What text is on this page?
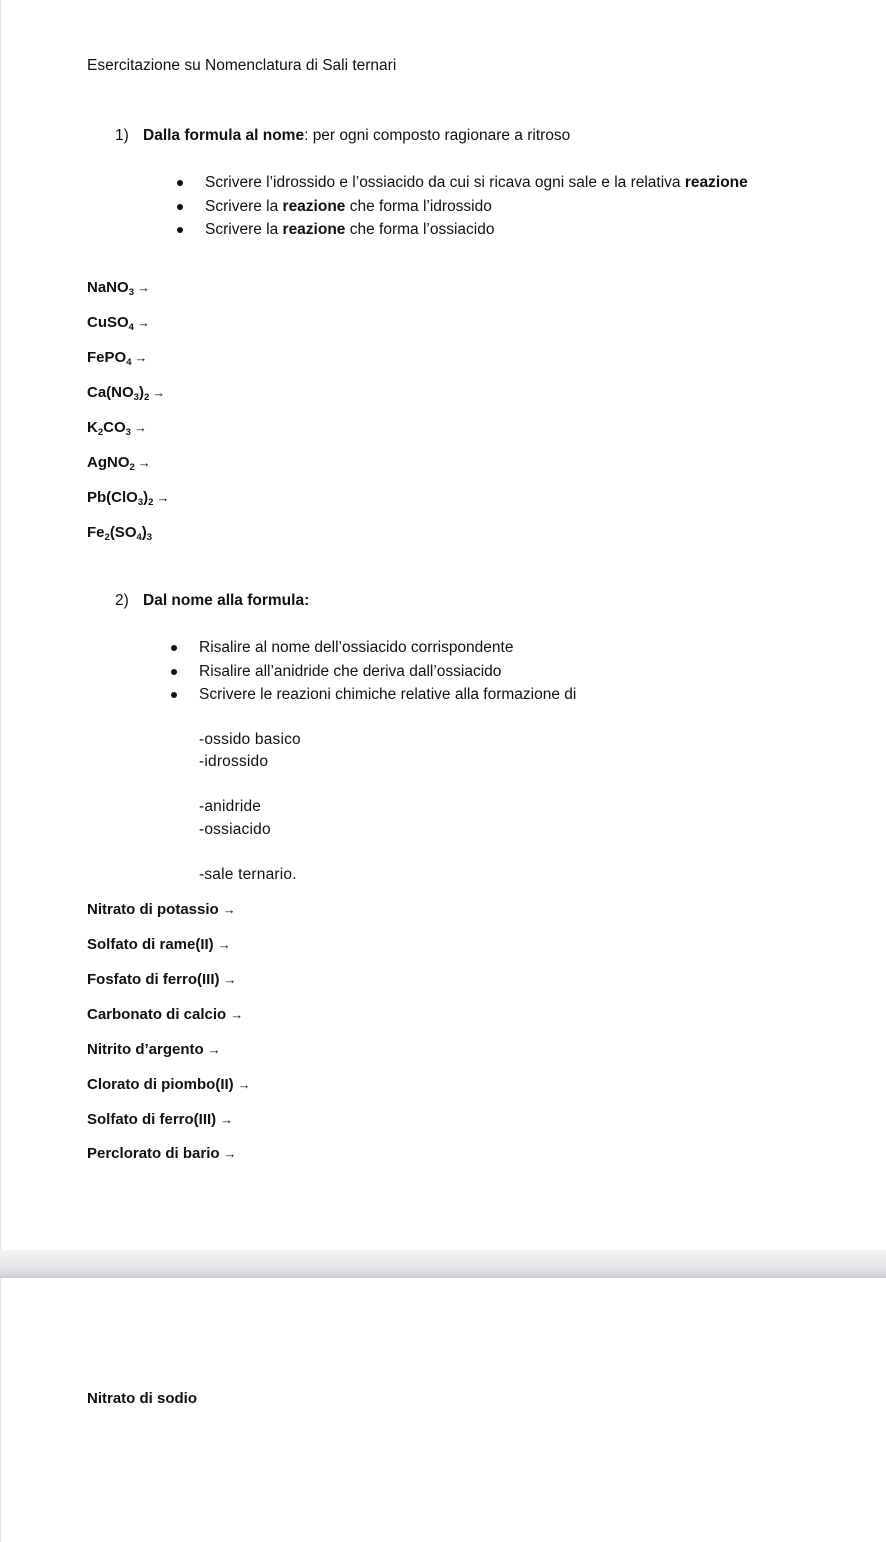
Esercitazione su Nomenclatura di Sali ternari
1) Dalla formula al nome: per ogni composto ragionare a ritroso
Scrivere l’idrossido e l’ossiacido da cui si ricava ogni sale e la relativa reazione
Scrivere la reazione che forma l’idrossido
Scrivere la reazione che forma l’ossiacido
NaNO$_3$ →
CuSO$_4$ →
FePO$_4$ →
$Ca(NO_3)_2$ →
$K_2CO_3$ →
AgNO$_2$ →
$Pb(ClO_3)_2$ →
$Fe_2(SO_4)_3$
2) Dal nome alla formula:
Risalire al nome dell’ossiacido corrispondente
Risalire all’anidride che deriva dall’ossiacido
Scrivere le reazioni chimiche relative alla formazione di
-ossido basico
-idrossido
-anidride
-ossiacido
-sale ternario.
Nitrato di potassio →
Solfato di rame(II) →
Fosfato di ferro(III) →
Carbonato di calcio →
Nitrito d’argento →
Clorato di piombo(II) →
Solfato di ferro(III) →
Perclorato di bario →
Nitrato di sodio
